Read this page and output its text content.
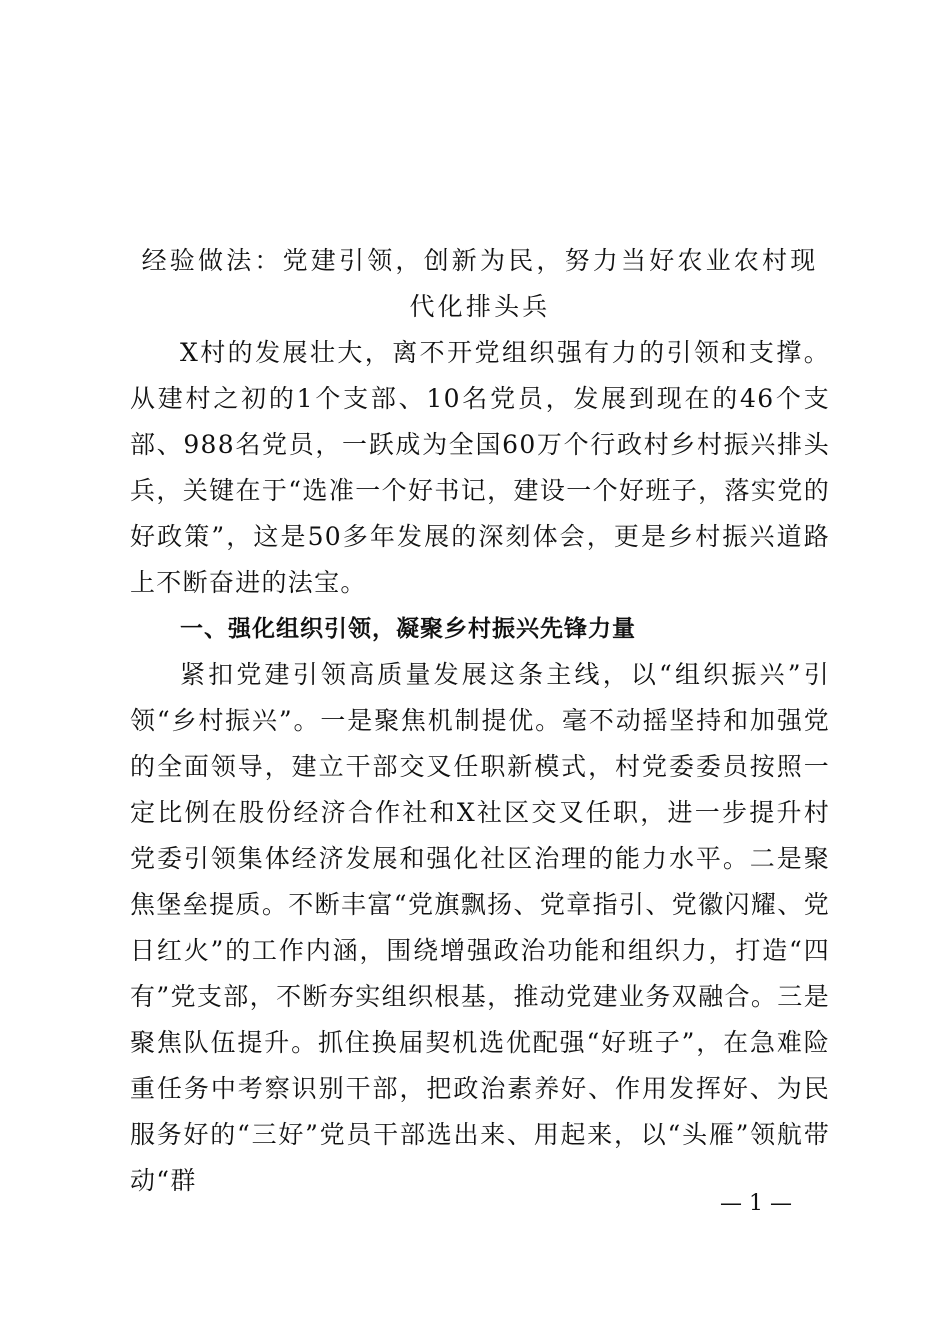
经验做法：党建引领，创新为民，努力当好农业农村现代化排头兵

X村的发展壮大，离不开党组织强有力的引领和支撑。从建村之初的1个支部、10名党员，发展到现在的46个支部、988名党员，一跃成为全国60万个行政村乡村振兴排头兵，关键在于“选准一个好书记，建设一个好班子，落实党的好政策”，这是50多年发展的深刻体会，更是乡村振兴道路上不断奋进的法宝。

一、强化组织引领，凝聚乡村振兴先锋力量

紧扣党建引领高质量发展这条主线，以“组织振兴”引领“乡村振兴”。一是聚焦机制提优。毫不动摇坚持和加强党的全面领导，建立干部交叉任职新模式，村党委委员按照一定比例在股份经济合作社和X社区交叉任职，进一步提升村党委引领集体经济发展和强化社区治理的能力水平。二是聚焦堡垒提质。不断丰富“党旗飘扬、党章指引、党徽闪耀、党日红火”的工作内涵，围绕增强政治功能和组织力，打造“四有”党支部，不断夯实组织根基，推动党建业务双融合。三是聚焦队伍提升。抓住换届契机选优配强“好班子”，在急难险重任务中考察识别干部，把政治素养好、作用发挥好、为民服务好的“三好”党员干部选出来、用起来，以“头雁”领航带动“群

— 1 —
